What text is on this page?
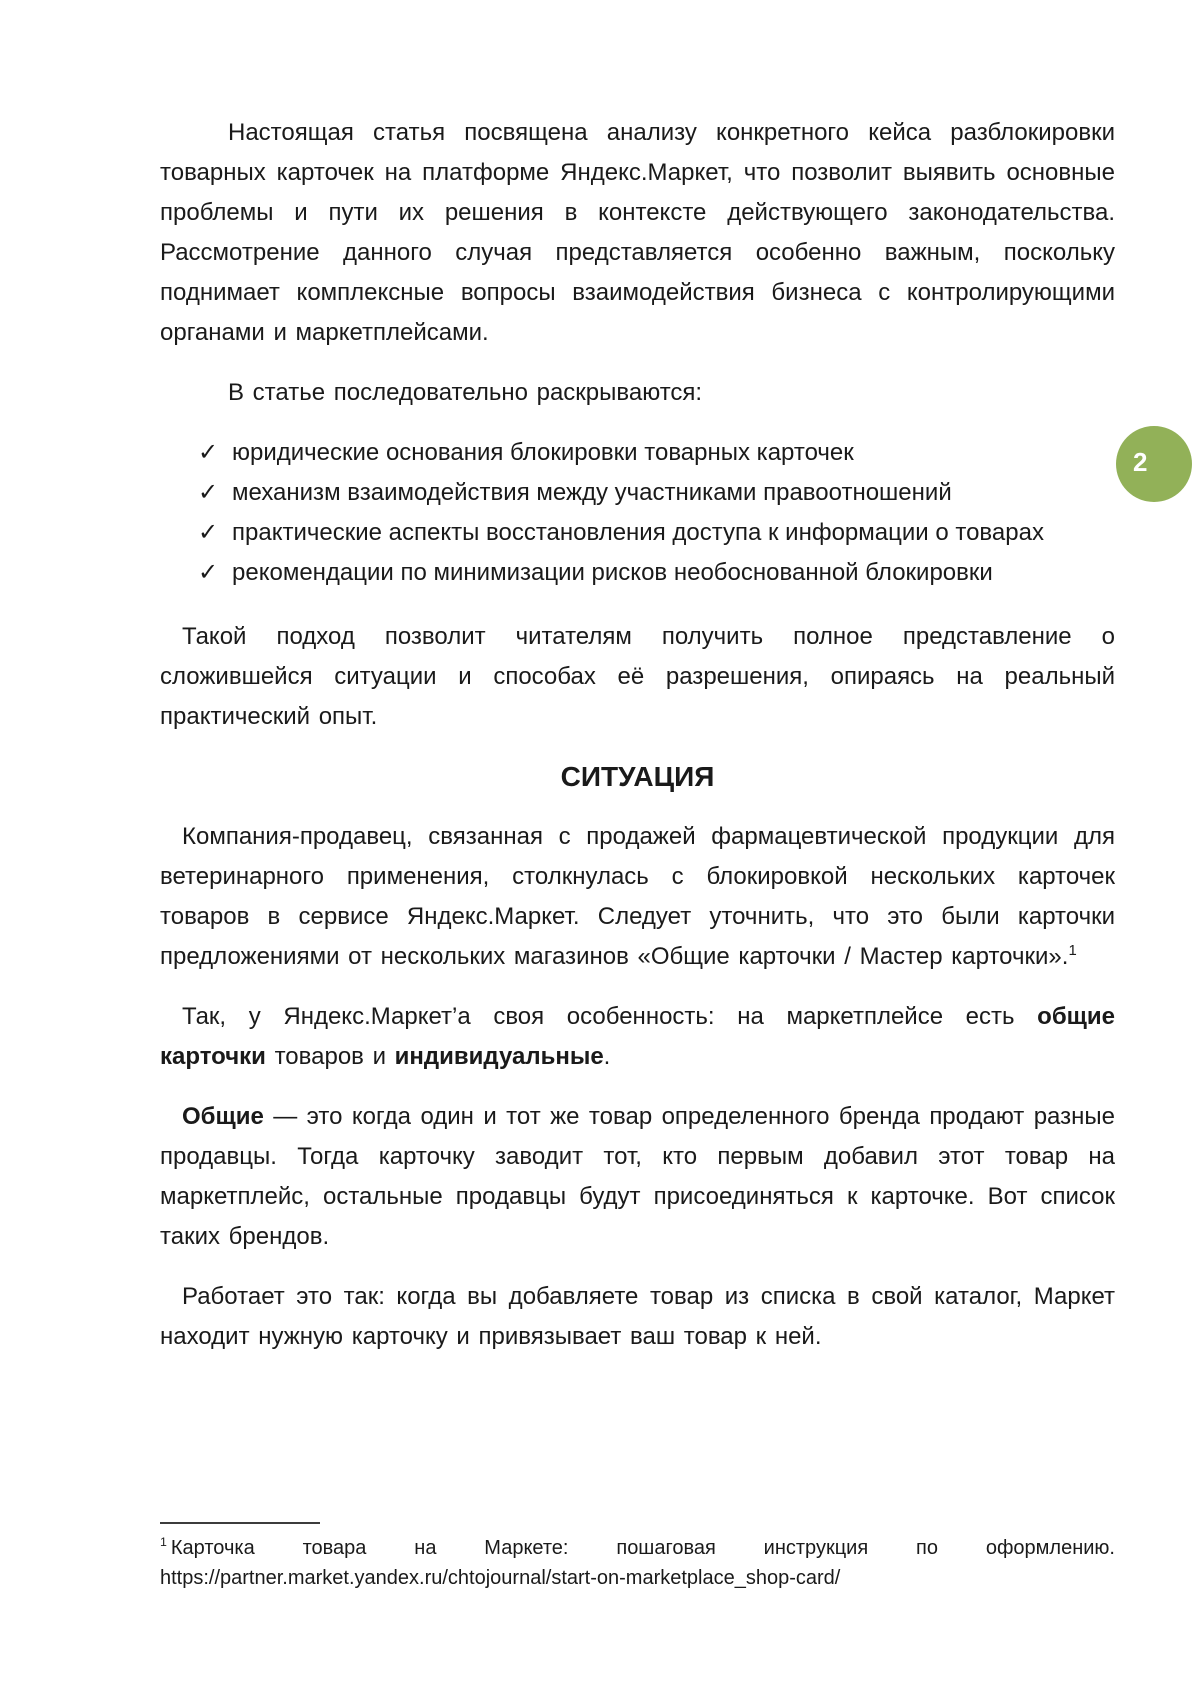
Настоящая статья посвящена анализу конкретного кейса разблокировки товарных карточек на платформе Яндекс.Маркет, что позволит выявить основные проблемы и пути их решения в контексте действующего законодательства. Рассмотрение данного случая представляется особенно важным, поскольку поднимает комплексные вопросы взаимодействия бизнеса с контролирующими органами и маркетплейсами.

В статье последовательно раскрываются:

✓ юридические основания блокировки товарных карточек
✓ механизм взаимодействия между участниками правоотношений
✓ практические аспекты восстановления доступа к информации о товарах
✓ рекомендации по минимизации рисков необоснованной блокировки

Такой подход позволит читателям получить полное представление о сложившейся ситуации и способах её разрешения, опираясь на реальный практический опыт.

СИТУАЦИЯ

Компания-продавец, связанная с продажей фармацевтической продукции для ветеринарного применения, столкнулась с блокировкой нескольких карточек товаров в сервисе Яндекс.Маркет. Следует уточнить, что это были карточки предложениями от нескольких магазинов «Общие карточки / Мастер карточки».$^1$

Так, у Яндекс.Маркет’а своя особенность: на маркетплейсе есть общие карточки товаров и индивидуальные.

Общие — это когда один и тот же товар определенного бренда продают разные продавцы. Тогда карточку заводит тот, кто первым добавил этот товар на маркетплейс, остальные продавцы будут присоединяться к карточке. Вот список таких брендов.

Работает это так: когда вы добавляете товар из списка в свой каталог, Маркет находит нужную карточку и привязывает ваш товар к ней.

2
$^1$ Карточка товара на Маркете: пошаговая инструкция по оформлению.
https://partner.market.yandex.ru/chtojournal/start-on-marketplace_shop-card/
